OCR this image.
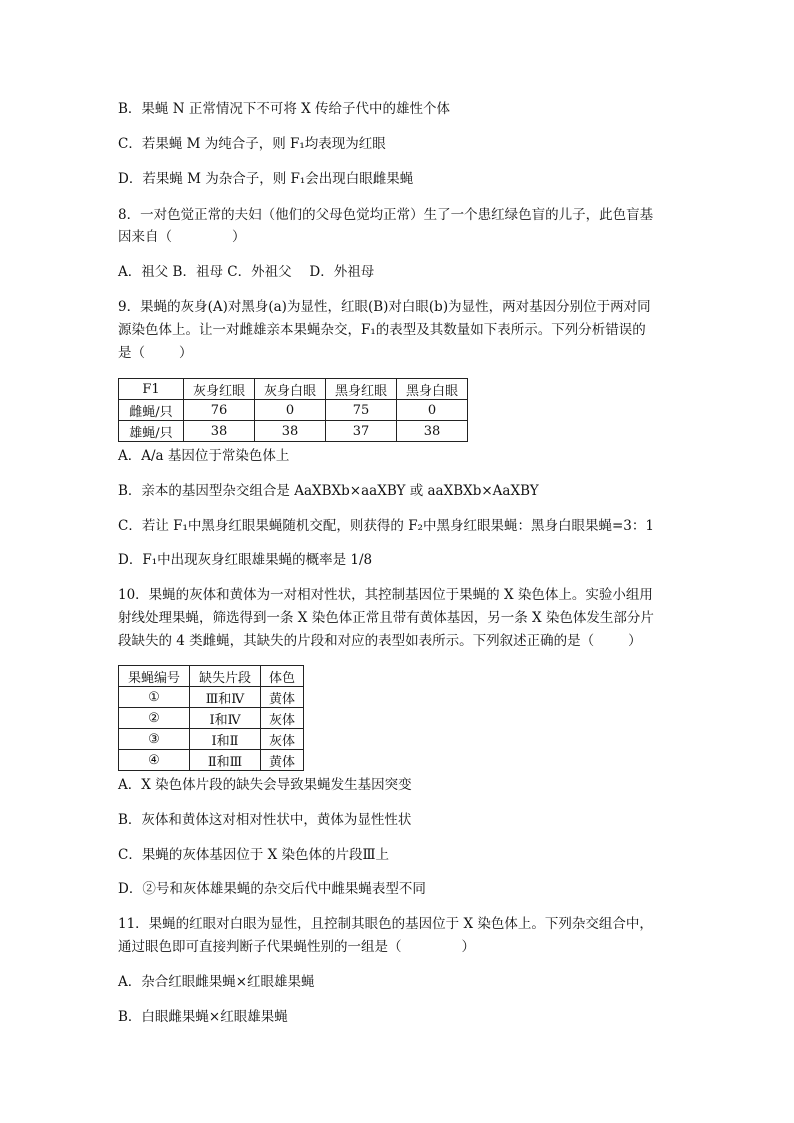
B．果蝇 N 正常情况下不可将 X 传给子代中的雄性个体
C．若果蝇 M 为纯合子，则 F₁均表现为红眼
D．若果蝇 M 为杂合子，则 F₁会出现白眼雌果蝇
8．一对色觉正常的夫妇（他们的父母色觉均正常）生了一个患红绿色盲的儿子，此色盲基
因来自（	）
A．祖父 B．祖母 C．外祖父　 D．外祖母
9．果蝇的灰身(A)对黑身(a)为显性，红眼(B)对白眼(b)为显性，两对基因分别位于两对同
源染色体上。让一对雌雄亲本果蝇杂交，F₁的表型及其数量如下表所示。下列分析错误的
是（	）
F1	灰身红眼	灰身白眼	黑身红眼	黑身白眼
雌蝇/只	76	0	75	0
雄蝇/只	38	38	37	38
A．A/a 基因位于常染色体上
B．亲本的基因型杂交组合是 AaXBXb×aaXBY 或 aaXBXb×AaXBY
C．若让 F₁中黑身红眼果蝇随机交配，则获得的 F₂中黑身红眼果蝇：黑身白眼果蝇=3：1
D．F₁中出现灰身红眼雄果蝇的概率是 1/8
10．果蝇的灰体和黄体为一对相对性状，其控制基因位于果蝇的 X 染色体上。实验小组用
射线处理果蝇，筛选得到一条 X 染色体正常且带有黄体基因，另一条 X 染色体发生部分片
段缺失的 4 类雌蝇，其缺失的片段和对应的表型如表所示。下列叙述正确的是（	）
果蝇编号	缺失片段	体色
①	Ⅲ和Ⅳ	黄体
②	Ⅰ和Ⅳ	灰体
③	Ⅰ和Ⅱ	灰体
④	Ⅱ和Ⅲ	黄体
A．X 染色体片段的缺失会导致果蝇发生基因突变
B．灰体和黄体这对相对性状中，黄体为显性性状
C．果蝇的灰体基因位于 X 染色体的片段Ⅲ上
D．②号和灰体雄果蝇的杂交后代中雌果蝇表型不同
11．果蝇的红眼对白眼为显性，且控制其眼色的基因位于 X 染色体上。下列杂交组合中，
通过眼色即可直接判断子代果蝇性别的一组是（	）
A．杂合红眼雌果蝇×红眼雄果蝇
B．白眼雌果蝇×红眼雄果蝇
